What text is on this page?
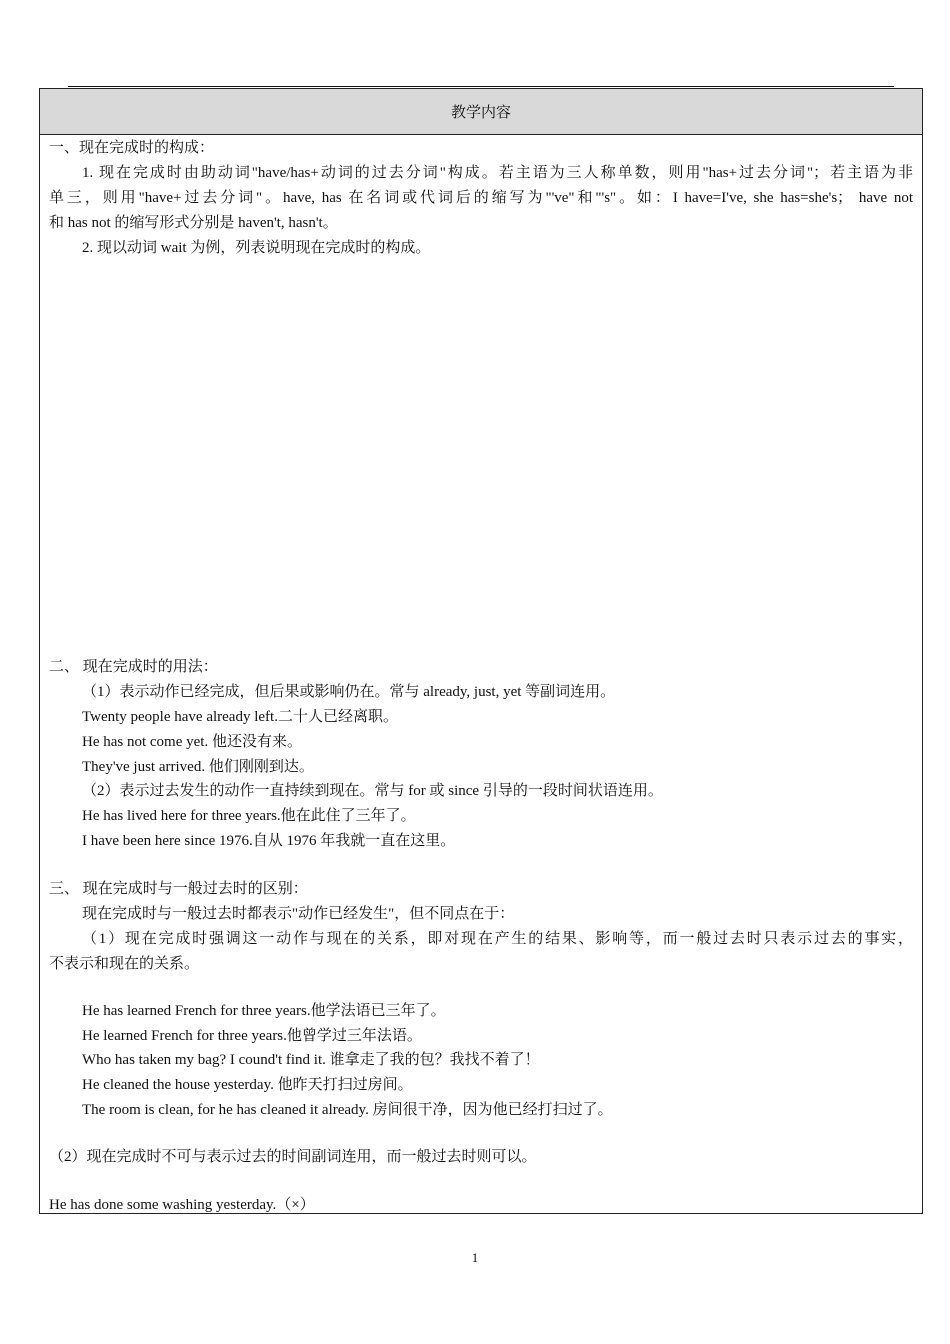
教学内容
一、现在完成时的构成：
1. 现在完成时由助动词"have/has+动词的过去分词"构成。若主语为三人称单数，则用"has+过去分词"；若主语为非
单三，则用"have+过去分词"。have, has 在名词或代词后的缩写为"'ve"和"'s"。如：I have=I've, she has=she's； have not
和 has not 的缩写形式分别是 haven't, hasn't。
2. 现以动词 wait 为例，列表说明现在完成时的构成。
二、 现在完成时的用法：
（1）表示动作已经完成，但后果或影响仍在。常与 already, just, yet 等副词连用。
Twenty people have already left.二十人已经离职。
He has not come yet. 他还没有来。
They've just arrived. 他们刚刚到达。
（2）表示过去发生的动作一直持续到现在。常与 for 或 since 引导的一段时间状语连用。
He has lived here for three years.他在此住了三年了。
I have been here since 1976.自从 1976 年我就一直在这里。
三、 现在完成时与一般过去时的区别：
现在完成时与一般过去时都表示"动作已经发生"，但不同点在于：
（1）现在完成时强调这一动作与现在的关系，即对现在产生的结果、影响等，而一般过去时只表示过去的事实，
不表示和现在的关系。
He has learned French for three years.他学法语已三年了。
He learned French for three years.他曾学过三年法语。
Who has taken my bag? I cound't find it. 谁拿走了我的包？我找不着了！
He cleaned the house yesterday. 他昨天打扫过房间。
The room is clean, for he has cleaned it already. 房间很干净，因为他已经打扫过了。
（2）现在完成时不可与表示过去的时间副词连用，而一般过去时则可以。
He has done some washing yesterday.（×）
1
